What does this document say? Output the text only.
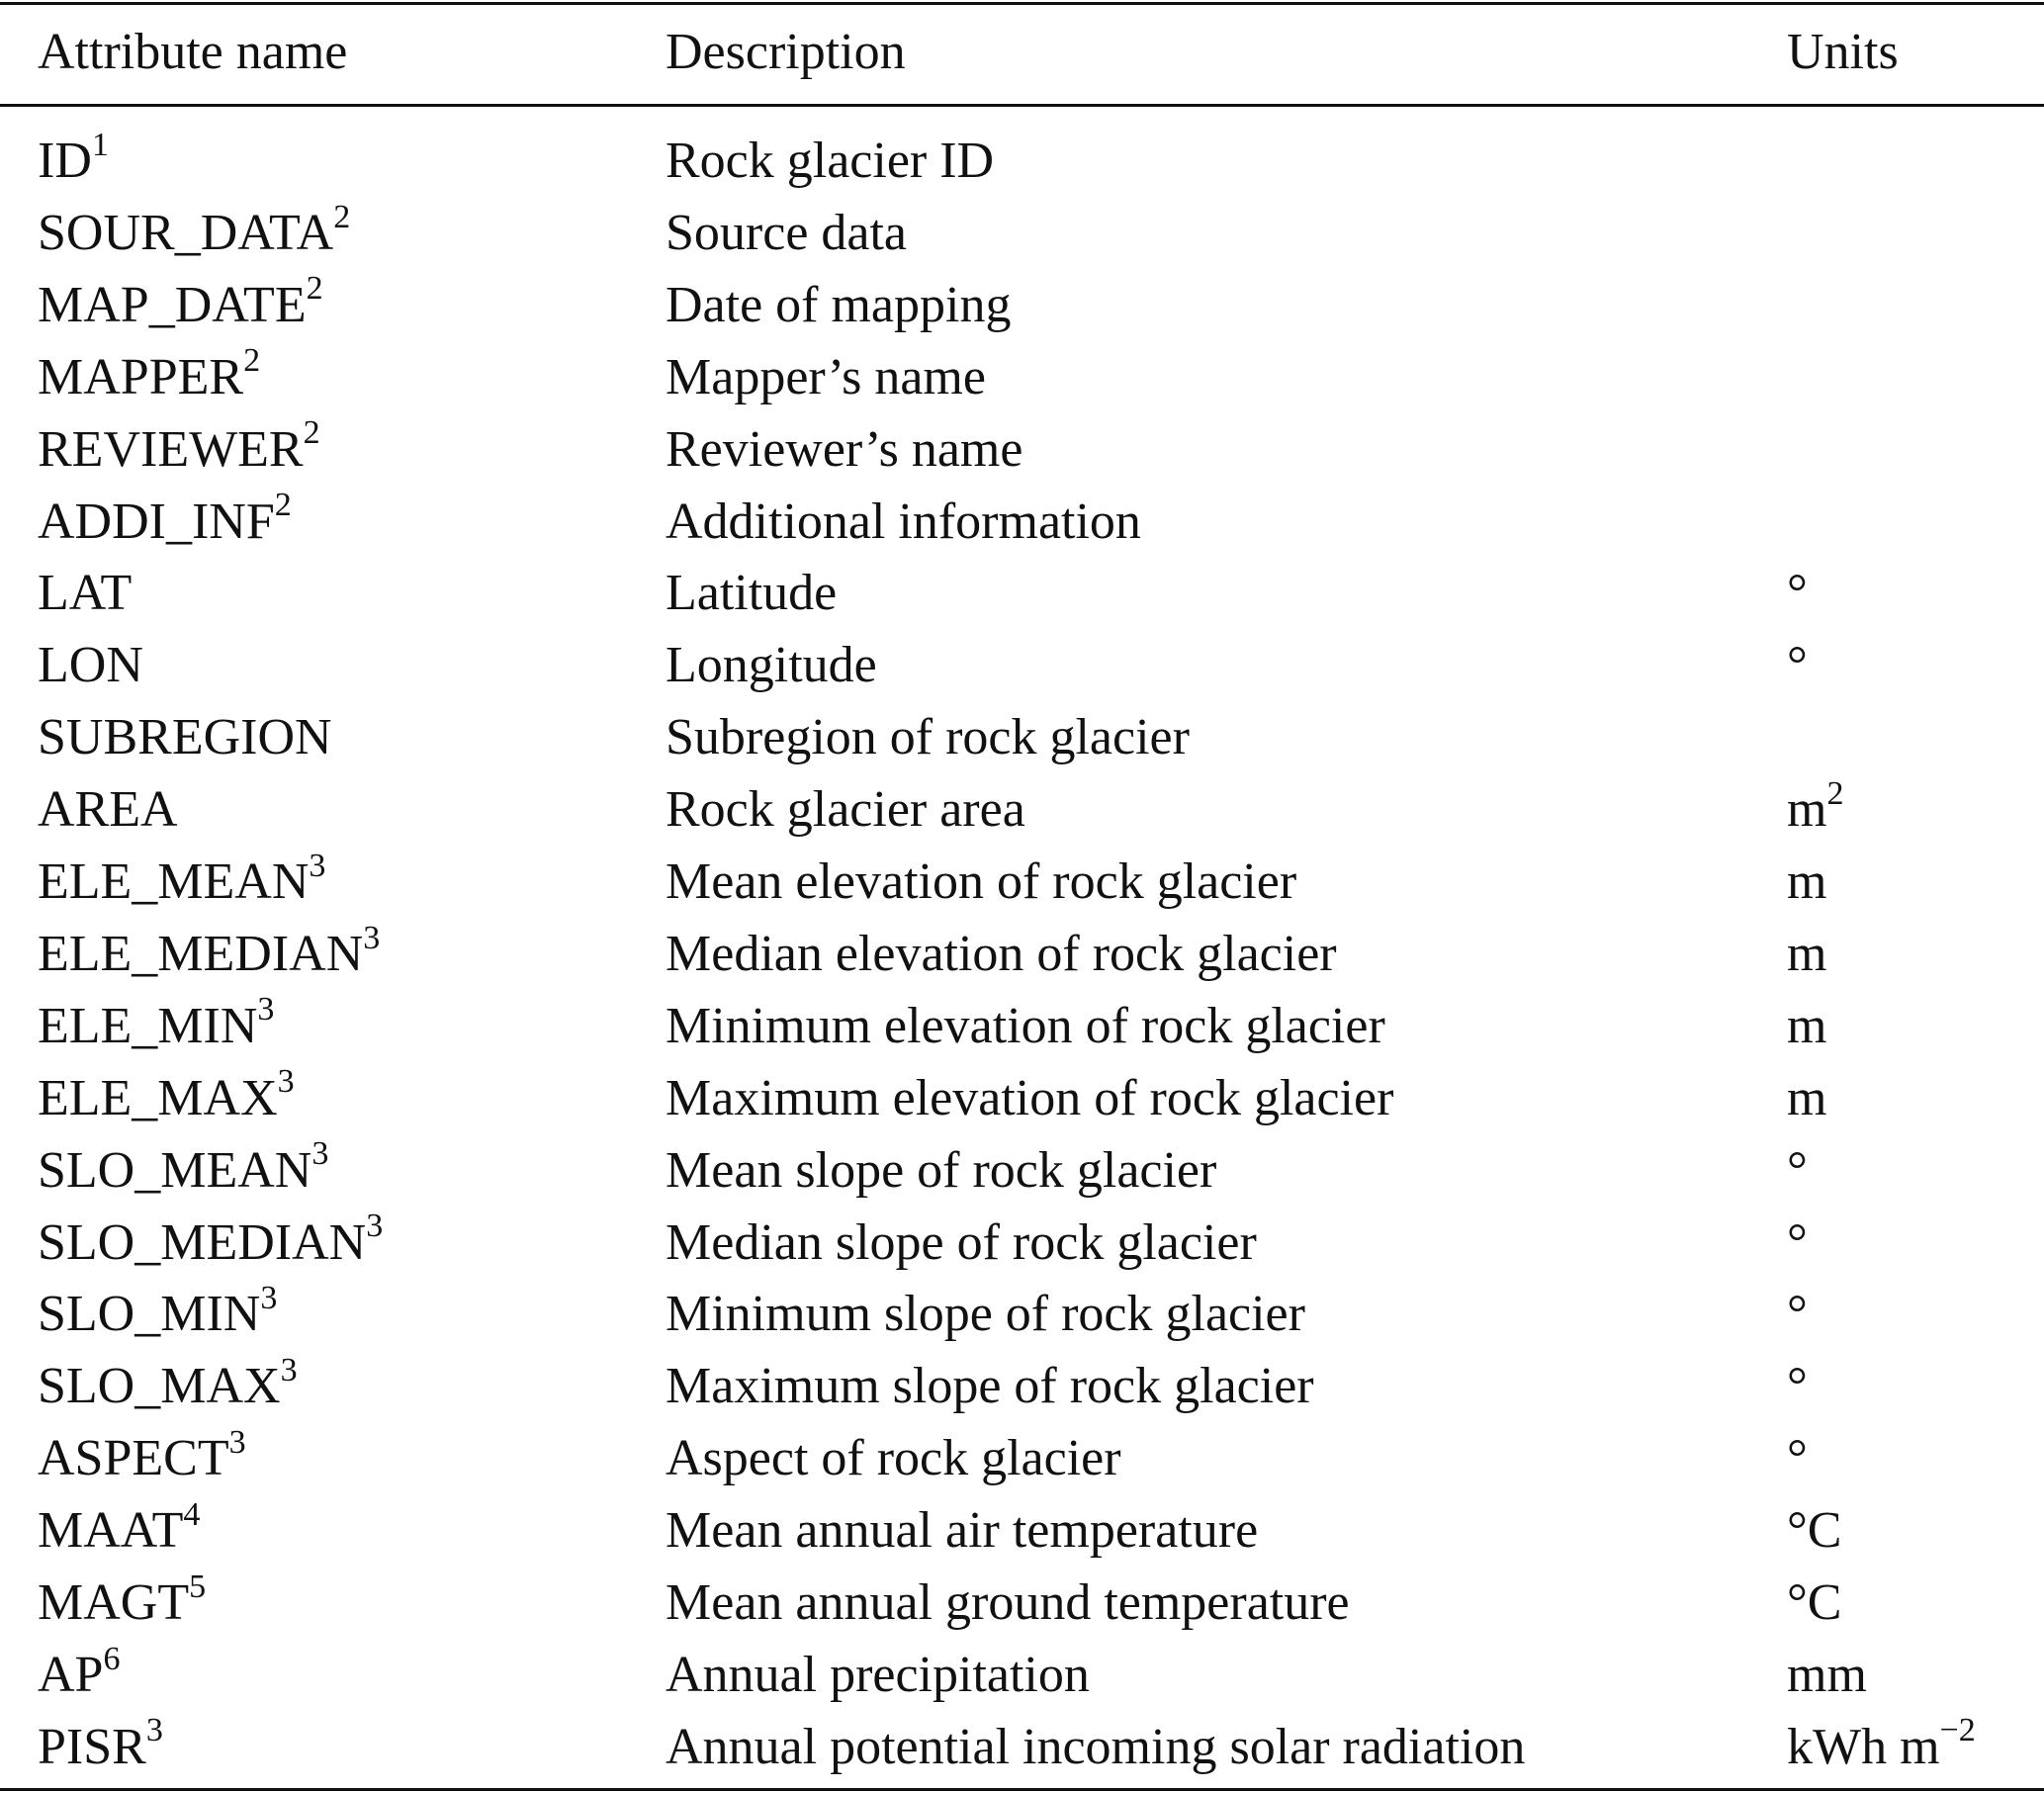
Attribute name	Description	Units
$ID^1$	Rock glacier ID
SOUR_DATA$^2$	Source data
MAP_DATE$^2$	Date of mapping
MAPPER$^2$	Mapper’s name
REVIEWER$^2$	Reviewer’s name
ADDI_INF$^2$	Additional information
LAT	Latitude	°
LON	Longitude	°
SUBREGION	Subregion of rock glacier
AREA	Rock glacier area	$m^2$
ELE_MEAN$^3$	Mean elevation of rock glacier	m
ELE_MEDIAN$^3$	Median elevation of rock glacier	m
ELE_MIN$^3$	Minimum elevation of rock glacier	m
ELE_MAX$^3$	Maximum elevation of rock glacier	m
SLO_MEAN$^3$	Mean slope of rock glacier	°
SLO_MEDIAN$^3$	Median slope of rock glacier	°
SLO_MIN$^3$	Minimum slope of rock glacier	°
SLO_MAX$^3$	Maximum slope of rock glacier	°
ASPECT$^3$	Aspect of rock glacier	°
MAAT$^4$	Mean annual air temperature	°C
MAGT$^5$	Mean annual ground temperature	°C
$AP^6$	Annual precipitation	mm
PISR$^3$	Annual potential incoming solar radiation	kWh $m^{-2}$
